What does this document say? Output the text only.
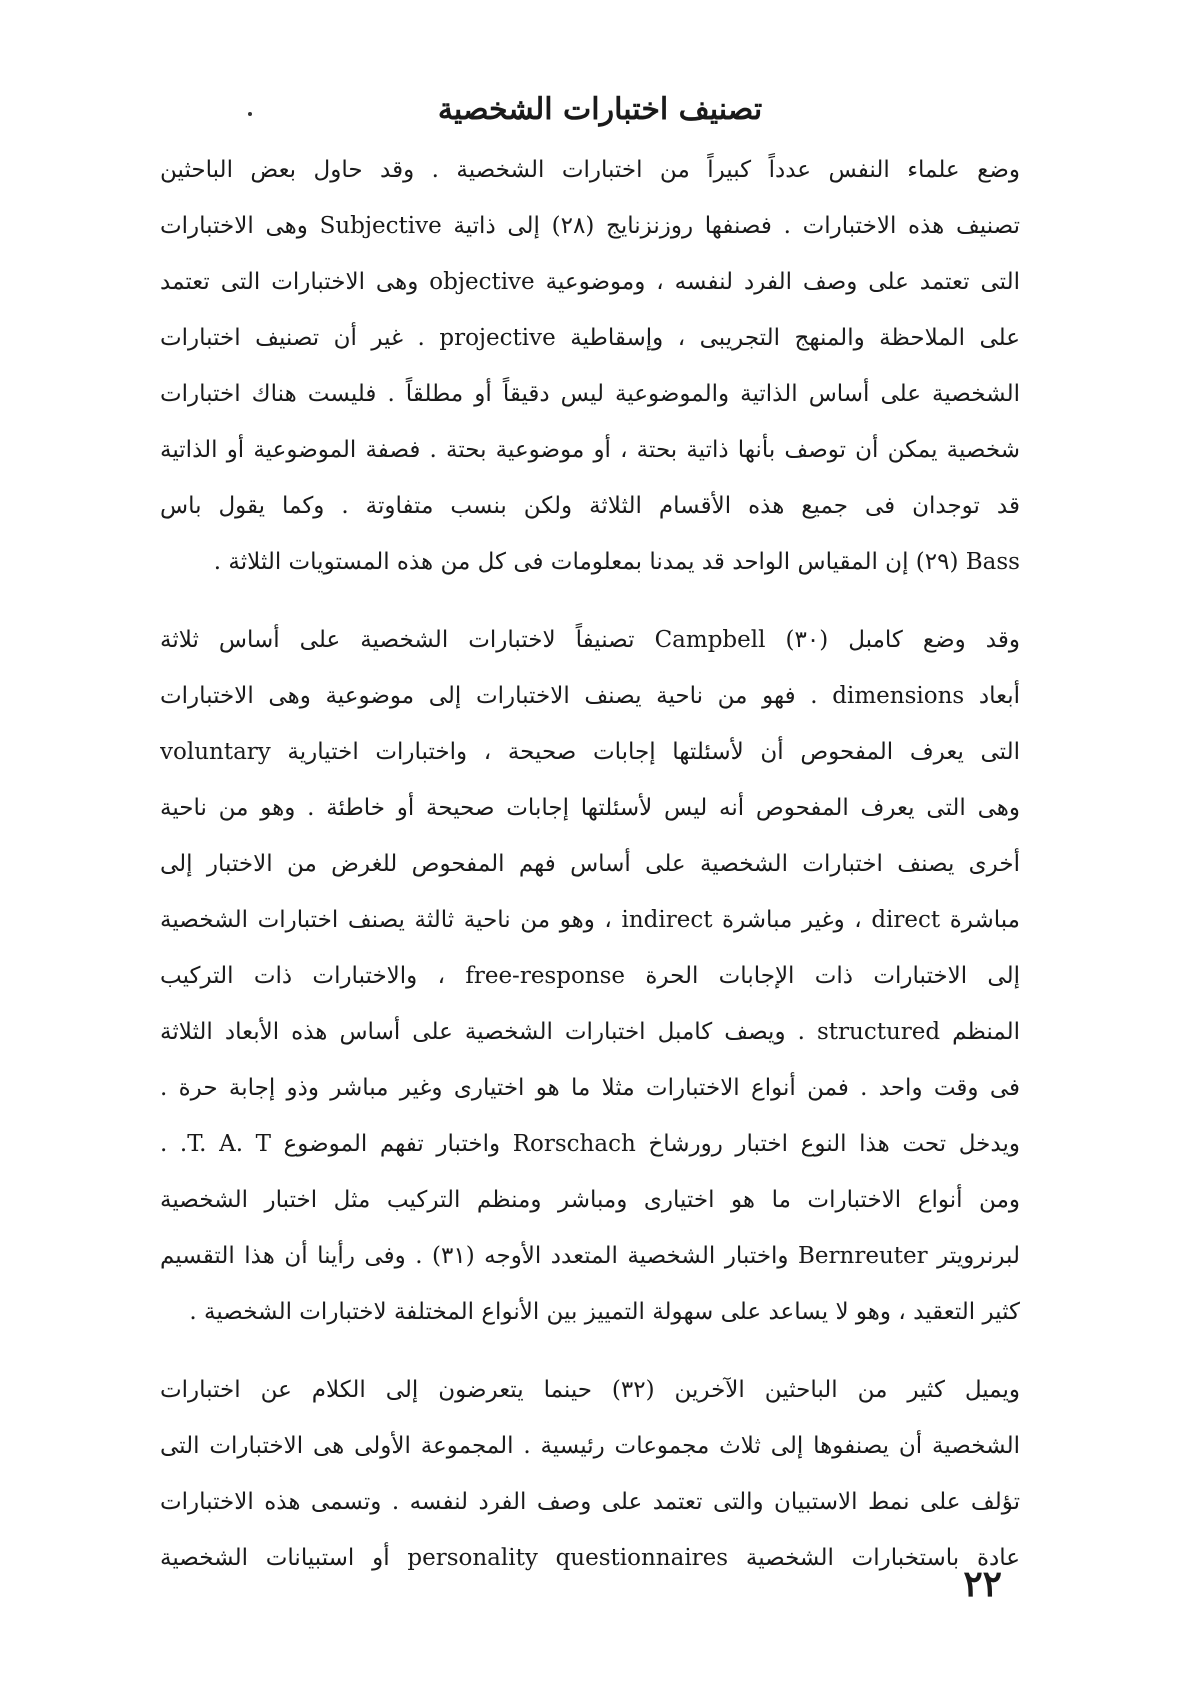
تصنيف اختبارات الشخصية
وضع علماء النفس عدداً كبيراً من اختبارات الشخصية . وقد حاول بعض الباحثين
تصنيف هذه الاختبارات . فصنفها روزنزنايج (٢٨) إلى ذاتية Subjective وهى الاختبارات
التى تعتمد على وصف الفرد لنفسه ، وموضوعية objective وهى الاختبارات التى تعتمد
على الملاحظة والمنهج التجريبى ، وإسقاطية projective . غير أن تصنيف اختبارات
الشخصية على أساس الذاتية والموضوعية ليس دقيقاً أو مطلقاً . فليست هناك اختبارات
شخصية يمكن أن توصف بأنها ذاتية بحتة ، أو موضوعية بحتة . فصفة الموضوعية أو الذاتية
قد توجدان فى جميع هذه الأقسام الثلاثة ولكن بنسب متفاوتة . وكما يقول باس
Bass (٢٩) إن المقياس الواحد قد يمدنا بمعلومات فى كل من هذه المستويات الثلاثة .
وقد وضع كامبل (٣٠) Campbell تصنيفاً لاختبارات الشخصية على أساس ثلاثة
أبعاد dimensions . فهو من ناحية يصنف الاختبارات إلى موضوعية وهى الاختبارات
التى يعرف المفحوص أن لأسئلتها إجابات صحيحة ، واختبارات اختيارية voluntary
وهى التى يعرف المفحوص أنه ليس لأسئلتها إجابات صحيحة أو خاطئة . وهو من ناحية
أخرى يصنف اختبارات الشخصية على أساس فهم المفحوص للغرض من الاختبار إلى
مباشرة direct ، وغير مباشرة indirect ، وهو من ناحية ثالثة يصنف اختبارات الشخصية
إلى الاختبارات ذات الإجابات الحرة free-response ، والاختبارات ذات التركيب
المنظم structured . ويصف كامبل اختبارات الشخصية على أساس هذه الأبعاد الثلاثة
فى وقت واحد . فمن أنواع الاختبارات مثلا ما هو اختيارى وغير مباشر وذو إجابة حرة .
ويدخل تحت هذا النوع اختبار رورشاخ Rorschach واختبار تفهم الموضوع T. A. T. .
ومن أنواع الاختبارات ما هو اختيارى ومباشر ومنظم التركيب مثل اختبار الشخصية
لبرنرويتر Bernreuter واختبار الشخصية المتعدد الأوجه (٣١) . وفى رأينا أن هذا التقسيم
كثير التعقيد ، وهو لا يساعد على سهولة التمييز بين الأنواع المختلفة لاختبارات الشخصية .
ويميل كثير من الباحثين الآخرين (٣٢) حينما يتعرضون إلى الكلام عن اختبارات
الشخصية أن يصنفوها إلى ثلاث مجموعات رئيسية . المجموعة الأولى هى الاختبارات التى
تؤلف على نمط الاستبيان والتى تعتمد على وصف الفرد لنفسه . وتسمى هذه الاختبارات
عادة باستخبارات الشخصية personality questionnaires أو استبيانات الشخصية
٢٢
